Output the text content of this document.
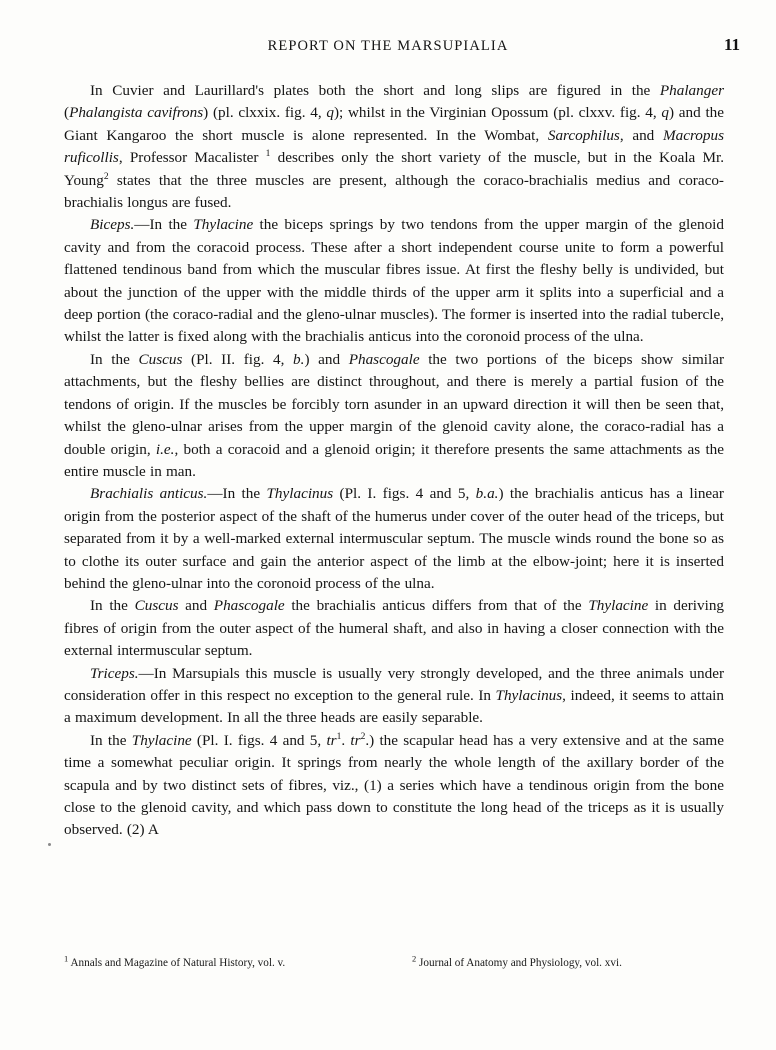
REPORT ON THE MARSUPIALIA	11

In Cuvier and Laurillard's plates both the short and long slips are figured in the Phalanger (Phalangista cavifrons) (pl. clxxix. fig. 4, q); whilst in the Virginian Opossum (pl. clxxv. fig. 4, q) and the Giant Kangaroo the short muscle is alone represented. In the Wombat, Sarcophilus, and Macropus ruficollis, Professor Macalister $^1$ describes only the short variety of the muscle, but in the Koala Mr. Young$^2$ states that the three muscles are present, although the coraco-brachialis medius and coraco-brachialis longus are fused.

Biceps.—In the Thylacine the biceps springs by two tendons from the upper margin of the glenoid cavity and from the coracoid process. These after a short independent course unite to form a powerful flattened tendinous band from which the muscular fibres issue. At first the fleshy belly is undivided, but about the junction of the upper with the middle thirds of the upper arm it splits into a superficial and a deep portion (the coraco-radial and the gleno-ulnar muscles). The former is inserted into the radial tubercle, whilst the latter is fixed along with the brachialis anticus into the coronoid process of the ulna.

In the Cuscus (Pl. II. fig. 4, b.) and Phascogale the two portions of the biceps show similar attachments, but the fleshy bellies are distinct throughout, and there is merely a partial fusion of the tendons of origin. If the muscles be forcibly torn asunder in an upward direction it will then be seen that, whilst the gleno-ulnar arises from the upper margin of the glenoid cavity alone, the coraco-radial has a double origin, i.e., both a coracoid and a glenoid origin; it therefore presents the same attachments as the entire muscle in man.

Brachialis anticus.—In the Thylacinus (Pl. I. figs. 4 and 5, b.a.) the brachialis anticus has a linear origin from the posterior aspect of the shaft of the humerus under cover of the outer head of the triceps, but separated from it by a well-marked external intermuscular septum. The muscle winds round the bone so as to clothe its outer surface and gain the anterior aspect of the limb at the elbow-joint; here it is inserted behind the gleno-ulnar into the coronoid process of the ulna.

In the Cuscus and Phascogale the brachialis anticus differs from that of the Thylacine in deriving fibres of origin from the outer aspect of the humeral shaft, and also in having a closer connection with the external intermuscular septum.

Triceps.—In Marsupials this muscle is usually very strongly developed, and the three animals under consideration offer in this respect no exception to the general rule. In Thylacinus, indeed, it seems to attain a maximum development. In all the three heads are easily separable.

In the Thylacine (Pl. I. figs. 4 and 5, $tr^1$. $tr^2$.) the scapular head has a very extensive and at the same time a somewhat peculiar origin. It springs from nearly the whole length of the axillary border of the scapula and by two distinct sets of fibres, viz., (1) a series which have a tendinous origin from the bone close to the glenoid cavity, and which pass down to constitute the long head of the triceps as it is usually observed. (2) A

$^1$ Annals and Magazine of Natural History, vol. v.	$^2$ Journal of Anatomy and Physiology, vol. xvi.
